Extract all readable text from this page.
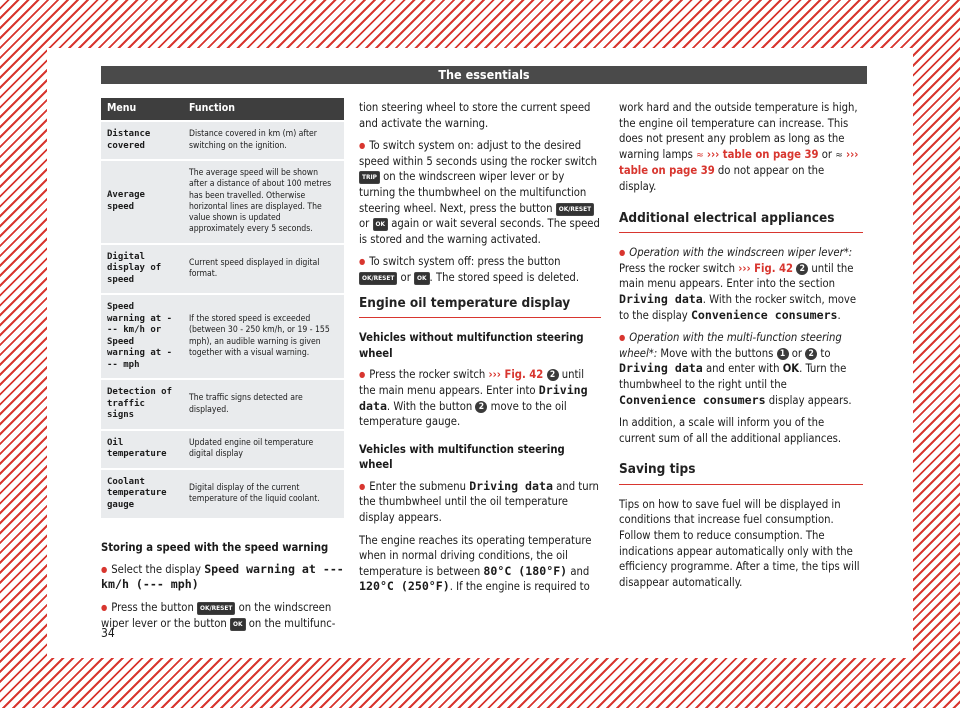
The essentials
Menu	Function
Distance covered	Distance covered in km (m) after switching on the ignition.
Average speed	The average speed will be shown after a distance of about 100 metres has been travelled. Otherwise horizontal lines are displayed. The value shown is updated approximately every 5 seconds.
Digital display of speed	Current speed displayed in digital format.
Speed warning at --- km/h or Speed warning at --- mph	If the stored speed is exceeded (between 30 - 250 km/h, or 19 - 155 mph), an audible warning is given together with a visual warning.
Detection of traffic signs	The traffic signs detected are displayed.
Oil temperature	Updated engine oil temperature digital display
Coolant temperature gauge	Digital display of the current temperature of the liquid coolant.
Storing a speed with the speed warning

● Select the display Speed warning at --- km/h (--- mph)

● Press the button OK/RESET on the windscreen wiper lever or the button OK on the multifunc-

tion steering wheel to store the current speed and activate the warning.

● To switch system on: adjust to the desired speed within 5 seconds using the rocker switch TRIP on the windscreen wiper lever or by turning the thumbwheel on the multifunction steering wheel. Next, press the button OK/RESET or OK again or wait several seconds. The speed is stored and the warning activated.

● To switch system off: press the button OK/RESET or OK . The stored speed is deleted.

Engine oil temperature display
Vehicles without multifunction steering wheel

● Press the rocker switch ››› Fig. 42 2 until the main menu appears. Enter into Driving data. With the button 2 move to the oil temperature gauge.

Vehicles with multifunction steering wheel

● Enter the submenu Driving data and turn the thumbwheel until the oil temperature display appears.

The engine reaches its operating temperature when in normal driving conditions, the oil temperature is between 80°C (180°F) and 120°C (250°F). If the engine is required to

work hard and the outside temperature is high, the engine oil temperature can increase. This does not present any problem as long as the warning lamps ≈ ››› table on page 39 or ≈ ››› table on page 39 do not appear on the display.

Additional electrical appliances

● Operation with the windscreen wiper lever*: Press the rocker switch ››› Fig. 42 2 until the main menu appears. Enter into the section Driving data. With the rocker switch, move to the display Convenience consumers.

● Operation with the multi-function steering wheel*: Move with the buttons 1 or 2 to Driving data and enter with OK. Turn the thumbwheel to the right until the Convenience consumers display appears.

In addition, a scale will inform you of the current sum of all the additional appliances.

Saving tips

Tips on how to save fuel will be displayed in conditions that increase fuel consumption. Follow them to reduce consumption. The indications appear automatically only with the efficiency programme. After a time, the tips will disappear automatically.

34
